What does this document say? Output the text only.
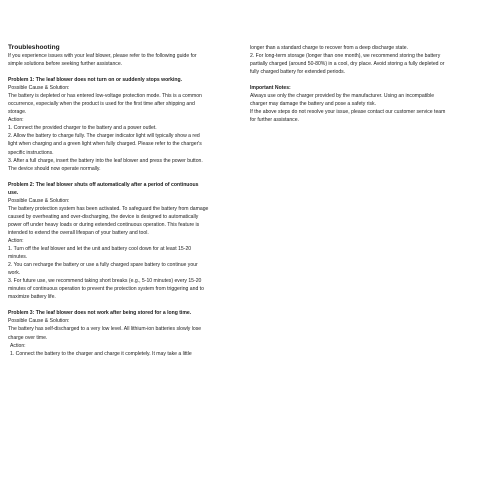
Troubleshooting

If you experience issues with your leaf blower, please refer to the following guide for

simple solutions before seeking further assistance.

Problem 1: The leaf blower does not turn on or suddenly stops working.

Possible Cause & Solution:

The battery is depleted or has entered low-voltage protection mode. This is a common

occurrence, especially when the product is used for the first time after shipping and

storage.

Action:

1. Connect the provided charger to the battery and a power outlet.

2. Allow the battery to charge fully. The charger indicator light will typically show a red

light when charging and a green light when fully charged. Please refer to the charger's

specific instructions.

3. After a full charge, insert the battery into the leaf blower and press the power button.

The device should now operate normally.

Problem 2: The leaf blower shuts off automatically after a period of continuous

use.

Possible Cause & Solution:

The battery protection system has been activated. To safeguard the battery from damage

caused by overheating and over-discharging, the device is designed to automatically

power off under heavy loads or during extended continuous operation. This feature is

intended to extend the overall lifespan of your battery and tool.

Action:

1. Turn off the leaf blower and let the unit and battery cool down for at least 15-20

minutes.

2. You can recharge the battery or use a fully charged spare battery to continue your

work.

3. For future use, we recommend taking short breaks (e.g., 5-10 minutes) every 15-20

minutes of continuous operation to prevent the protection system from triggering and to

maximize battery life.

Problem 3: The leaf blower does not work after being stored for a long time.

Possible Cause & Solution:

The battery has self-discharged to a very low level. All lithium-ion batteries slowly lose

charge over time.

Action:

1. Connect the battery to the charger and charge it completely. It may take a little

longer than a standard charge to recover from a deep discharge state.

2. For long-term storage (longer than one month), we recommend storing the battery

partially charged (around 50-80%) in a cool, dry place. Avoid storing a fully depleted or

fully charged battery for extended periods.

Important Notes:

Always use only the charger provided by the manufacturer. Using an incompatible

charger may damage the battery and pose a safety risk.

If the above steps do not resolve your issue, please contact our customer service team

for further assistance.
